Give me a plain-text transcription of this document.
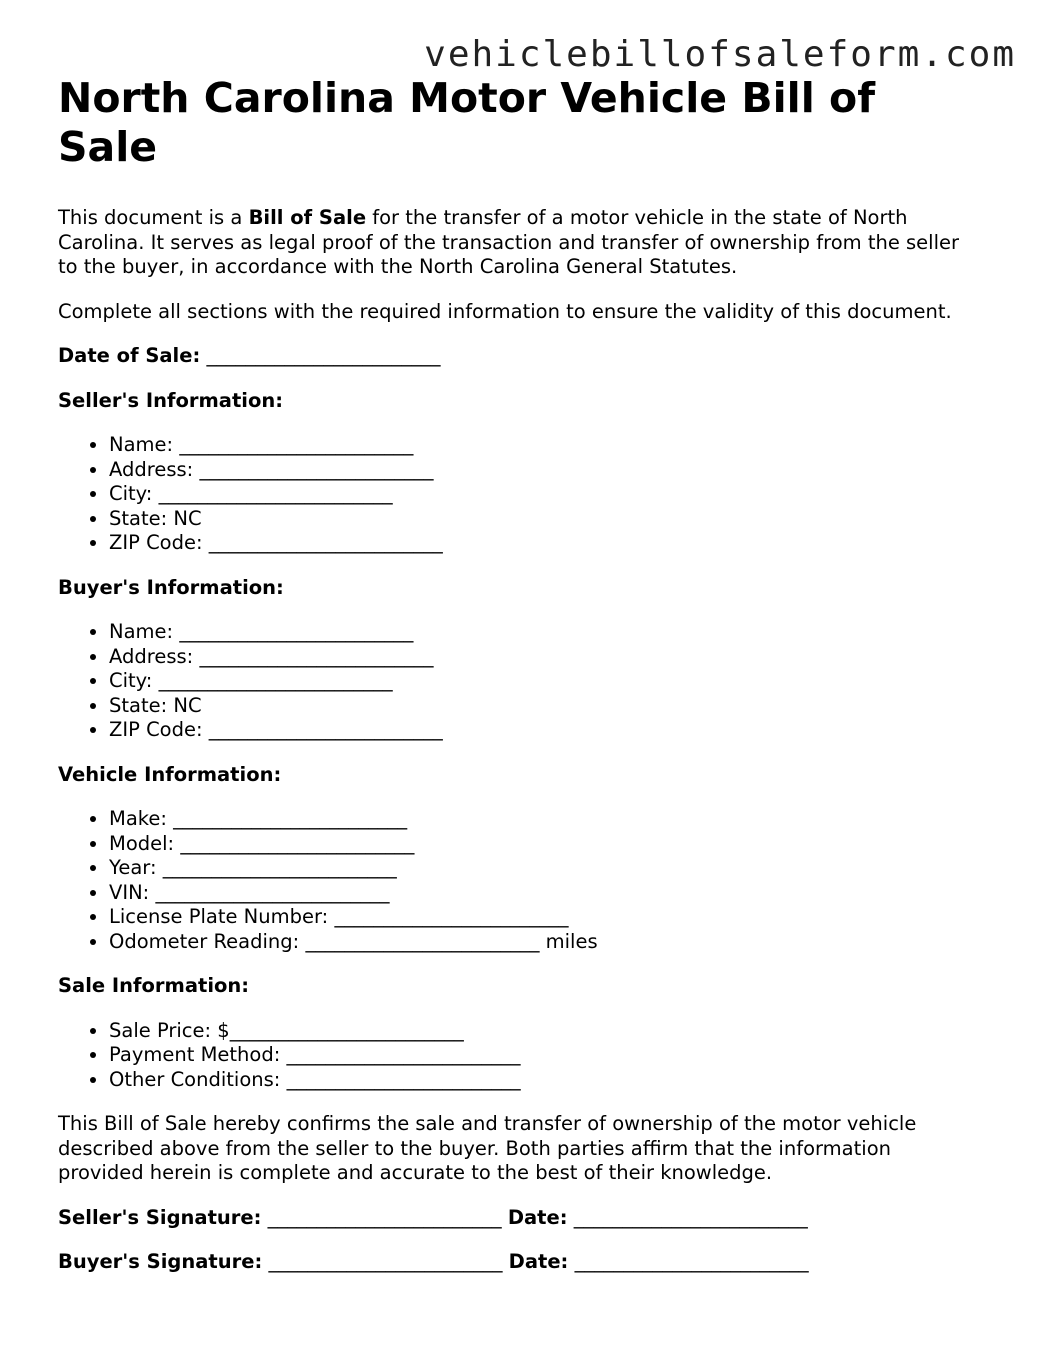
vehiclebillofsaleform.com
North Carolina Motor Vehicle Bill of Sale

This document is a Bill of Sale for the transfer of a motor vehicle in the state of North Carolina. It serves as legal proof of the transaction and transfer of ownership from the seller to the buyer, in accordance with the North Carolina General Statutes.

Complete all sections with the required information to ensure the validity of this document.

Date of Sale: ________________________
Seller's Information:
• Name: ________________________
• Address: ________________________
• City: ________________________
• State: NC
• ZIP Code: ________________________
Buyer's Information:
• Name: ________________________
• Address: ________________________
• City: ________________________
• State: NC
• ZIP Code: ________________________
Vehicle Information:
• Make: ________________________
• Model: ________________________
• Year: ________________________
• VIN: ________________________
• License Plate Number: ________________________
• Odometer Reading: ________________________ miles
Sale Information:
• Sale Price: $________________________
• Payment Method: ________________________
• Other Conditions: ________________________

This Bill of Sale hereby confirms the sale and transfer of ownership of the motor vehicle described above from the seller to the buyer. Both parties affirm that the information provided herein is complete and accurate to the best of their knowledge.

Seller's Signature: ________________________ Date: ________________________
Buyer's Signature: ________________________ Date: ________________________
